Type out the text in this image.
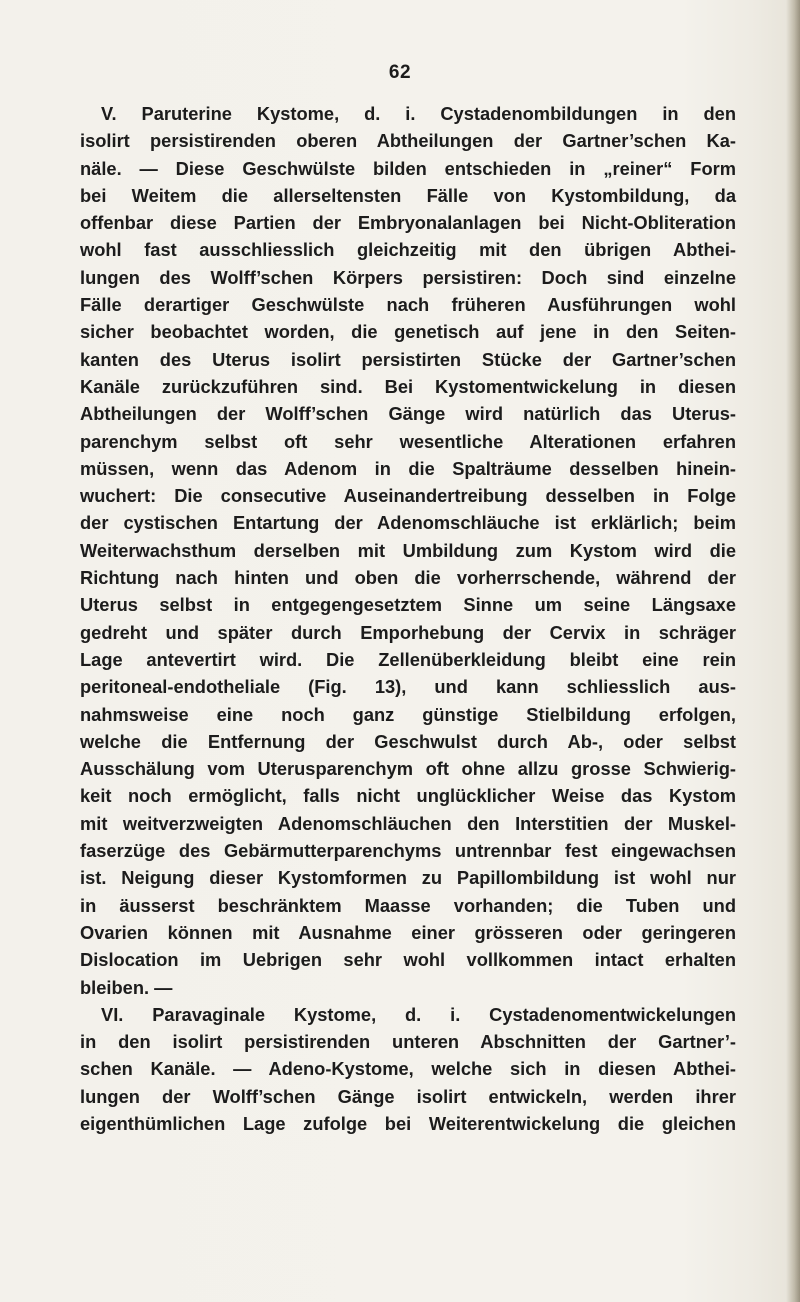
62
V. Paruterine Kystome, d. i. Cystadenombildungen in den
isolirt persistirenden oberen Abtheilungen der Gartner’schen Ka-
näle. — Diese Geschwülste bilden entschieden in „reiner“ Form
bei Weitem die allerseltensten Fälle von Kystombildung, da
offenbar diese Partien der Embryonalanlagen bei Nicht-Obliteration
wohl fast ausschliesslich gleichzeitig mit den übrigen Abthei-
lungen des Wolff’schen Körpers persistiren: Doch sind einzelne
Fälle derartiger Geschwülste nach früheren Ausführungen wohl
sicher beobachtet worden, die genetisch auf jene in den Seiten-
kanten des Uterus isolirt persistirten Stücke der Gartner’schen
Kanäle zurückzuführen sind. Bei Kystomentwickelung in diesen
Abtheilungen der Wolff’schen Gänge wird natürlich das Uterus-
parenchym selbst oft sehr wesentliche Alterationen erfahren
müssen, wenn das Adenom in die Spalträume desselben hinein-
wuchert: Die consecutive Auseinandertreibung desselben in Folge
der cystischen Entartung der Adenomschläuche ist erklärlich; beim
Weiterwachsthum derselben mit Umbildung zum Kystom wird die
Richtung nach hinten und oben die vorherrschende, während der
Uterus selbst in entgegengesetztem Sinne um seine Längsaxe
gedreht und später durch Emporhebung der Cervix in schräger
Lage antevertirt wird. Die Zellenüberkleidung bleibt eine rein
peritoneal-endotheliale (Fig. 13), und kann schliesslich aus-
nahmsweise eine noch ganz günstige Stielbildung erfolgen,
welche die Entfernung der Geschwulst durch Ab-, oder selbst
Ausschälung vom Uterusparenchym oft ohne allzu grosse Schwierig-
keit noch ermöglicht, falls nicht unglücklicher Weise das Kystom
mit weitverzweigten Adenomschläuchen den Interstitien der Muskel-
faserzüge des Gebärmutterparenchyms untrennbar fest eingewachsen
ist. Neigung dieser Kystomformen zu Papillombildung ist wohl nur
in äusserst beschränktem Maasse vorhanden; die Tuben und
Ovarien können mit Ausnahme einer grösseren oder geringeren
Dislocation im Uebrigen sehr wohl vollkommen intact erhalten
bleiben. —
VI. Paravaginale Kystome, d. i. Cystadenomentwickelungen
in den isolirt persistirenden unteren Abschnitten der Gartner’-
schen Kanäle. — Adeno-Kystome, welche sich in diesen Abthei-
lungen der Wolff’schen Gänge isolirt entwickeln, werden ihrer
eigenthümlichen Lage zufolge bei Weiterentwickelung die gleichen
